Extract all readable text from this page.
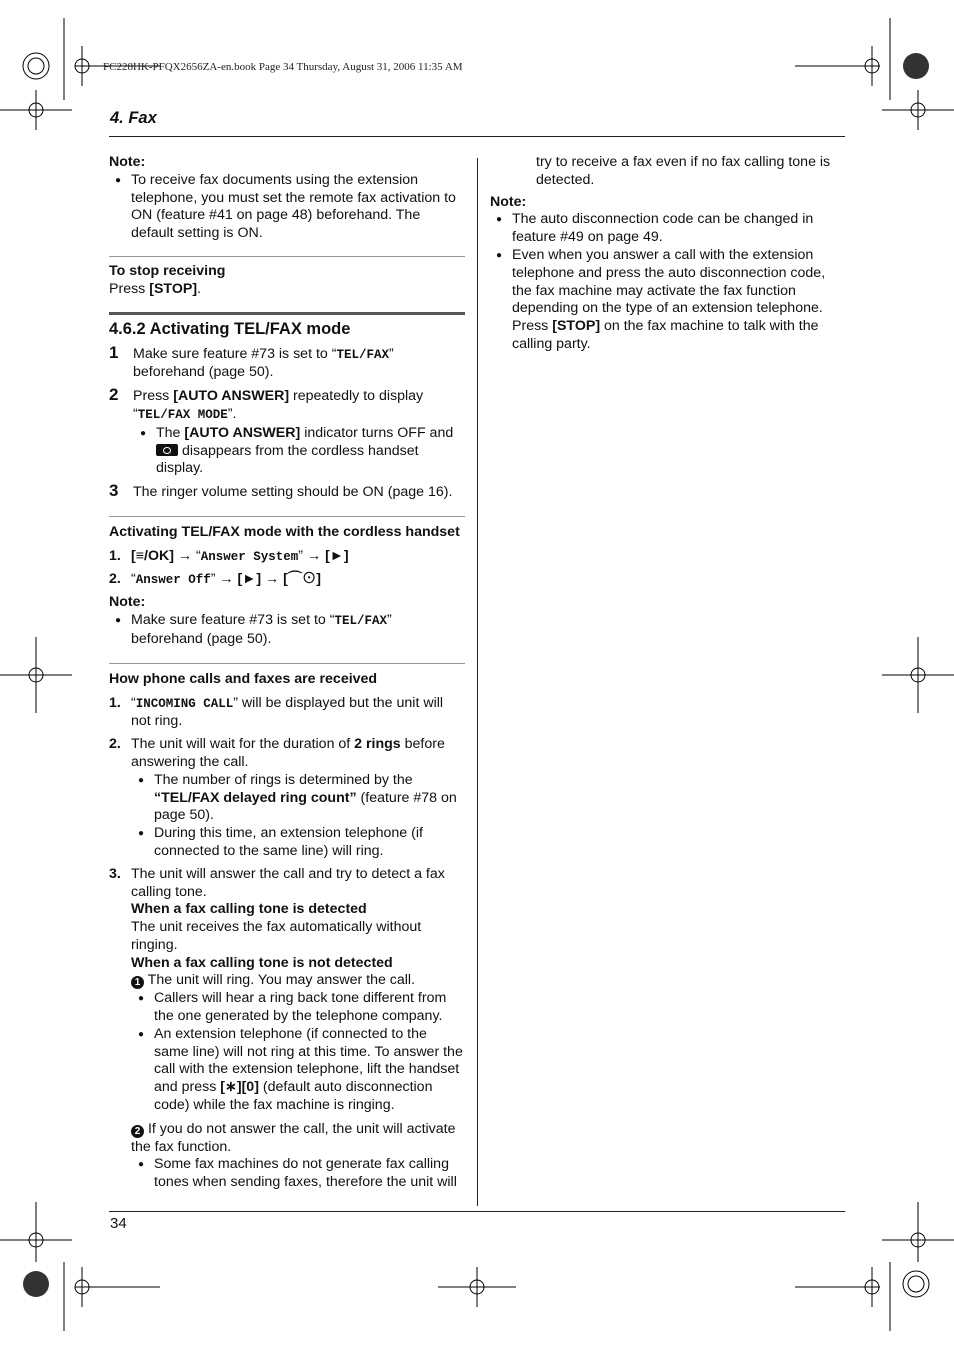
FC228HK-PFQX2656ZA-en.book Page 34 Thursday, August 31, 2006 11:35 AM
4. Fax
34

Note:

● To receive fax documents using the extension telephone, you must set the remote fax activation to ON (feature #41 on page 48) beforehand. The default setting is ON.

To stop receiving

Press [STOP].

4.6.2 Activating TEL/FAX mode

1 Make sure feature #73 is set to “TEL/FAX” beforehand (page 50).
2 Press [AUTO ANSWER] repeatedly to display “TEL/FAX MODE”.
● The [AUTO ANSWER] indicator turns OFF and
disappears from the cordless handset display.
3 The ringer volume setting should be ON (page 16).

Activating TEL/FAX mode with the cordless handset

1. [≡/OK] → “Answer System” → [►]
2. “Answer Off” → [►] → [⌒⊙]

Note:

● Make sure feature #73 is set to “TEL/FAX” beforehand (page 50).

How phone calls and faxes are received

1. “INCOMING CALL” will be displayed but the unit will not ring.
2. The unit will wait for the duration of 2 rings before answering the call.
● The number of rings is determined by the “TEL/FAX delayed ring count” (feature #78 on page 50).
● During this time, an extension telephone (if connected to the same line) will ring.
3. The unit will answer the call and try to detect a fax calling tone.

When a fax calling tone is detected

The unit receives the fax automatically without ringing.

When a fax calling tone is not detected

1 The unit will ring. You may answer the call.

● Callers will hear a ring back tone different from the one generated by the telephone company.
● An extension telephone (if connected to the same line) will not ring at this time. To answer the call with the extension telephone, lift the handset and press [∗][0] (default auto disconnection code) while the fax machine is ringing.

2 If you do not answer the call, the unit will activate the fax function.

● Some fax machines do not generate fax calling tones when sending faxes, therefore the unit will

try to receive a fax even if no fax calling tone is detected.

Note:

● The auto disconnection code can be changed in feature #49 on page 49.

● Even when you answer a call with the extension telephone and press the auto disconnection code, the fax machine may activate the fax function depending on the type of an extension telephone. Press [STOP] on the fax machine to talk with the calling party.
